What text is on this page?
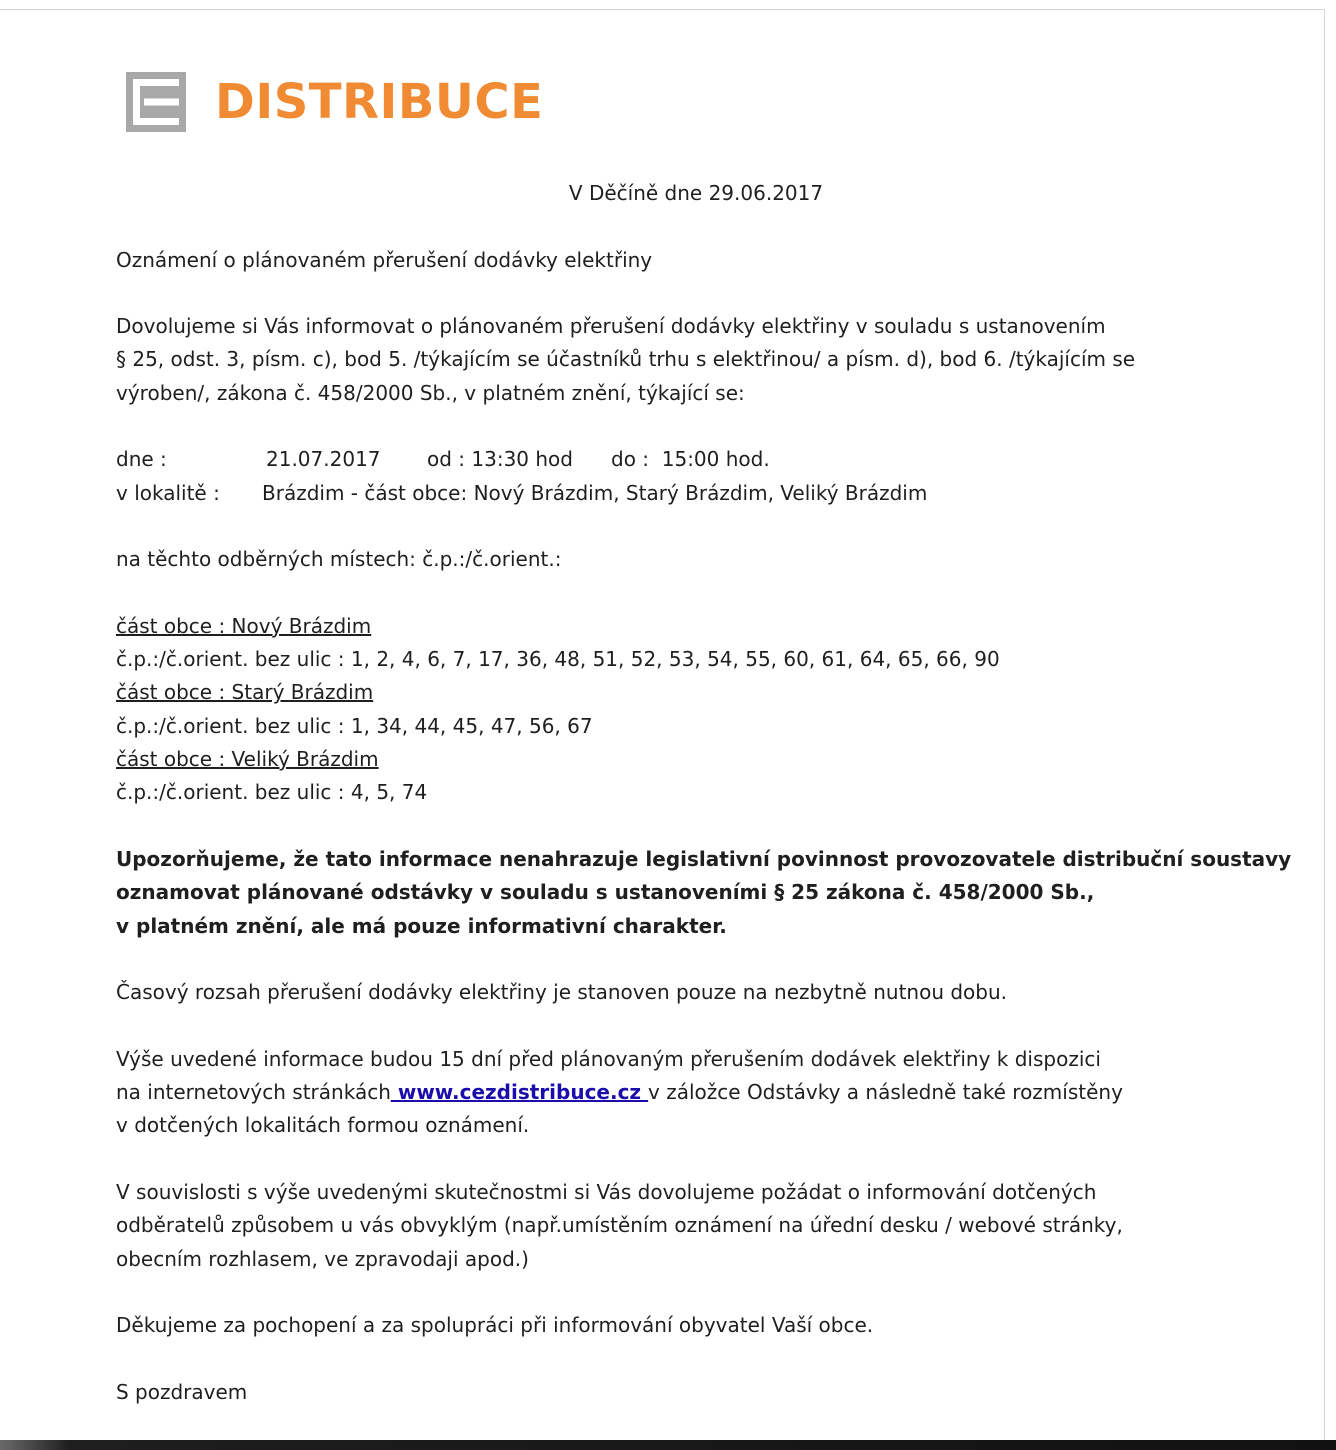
DISTRIBUCE

V Děčíně dne 29.06.2017

Oznámení o plánovaném přerušení dodávky elektřiny

Dovolujeme si Vás informovat o plánovaném přerušení dodávky elektřiny v souladu s ustanovením

§ 25, odst. 3, písm. c), bod 5. /týkajícím se účastníků trhu s elektřinou/ a písm. d), bod 6. /týkajícím se

výroben/, zákona č. 458/2000 Sb., v platném znění, týkající se:

dne :	21.07.2017	od : 13:30 hod	do :  15:00 hod.
v lokalitě :	Brázdim - část obce: Nový Brázdim, Starý Brázdim, Veliký Brázdim

na těchto odběrných místech: č.p.:/č.orient.:

část obce : Nový Brázdim

č.p.:/č.orient. bez ulic : 1, 2, 4, 6, 7, 17, 36, 48, 51, 52, 53, 54, 55, 60, 61, 64, 65, 66, 90

část obce : Starý Brázdim

č.p.:/č.orient. bez ulic : 1, 34, 44, 45, 47, 56, 67

část obce : Veliký Brázdim

č.p.:/č.orient. bez ulic : 4, 5, 74

Upozorňujeme, že tato informace nenahrazuje legislativní povinnost provozovatele distribuční soustavy

oznamovat plánované odstávky v souladu s ustanoveními § 25 zákona č. 458/2000 Sb.,

v platném znění, ale má pouze informativní charakter.

Časový rozsah přerušení dodávky elektřiny je stanoven pouze na nezbytně nutnou dobu.

Výše uvedené informace budou 15 dní před plánovaným přerušením dodávek elektřiny k dispozici

na internetových stránkách www.cezdistribuce.cz v záložce Odstávky a následně také rozmístěny

v dotčených lokalitách formou oznámení.

V souvislosti s výše uvedenými skutečnostmi si Vás dovolujeme požádat o informování dotčených

odběratelů způsobem u vás obvyklým (např.umístěním oznámení na úřední desku / webové stránky,

obecním rozhlasem, ve zpravodaji apod.)

Děkujeme za pochopení a za spolupráci při informování obyvatel Vaší obce.

S pozdravem
